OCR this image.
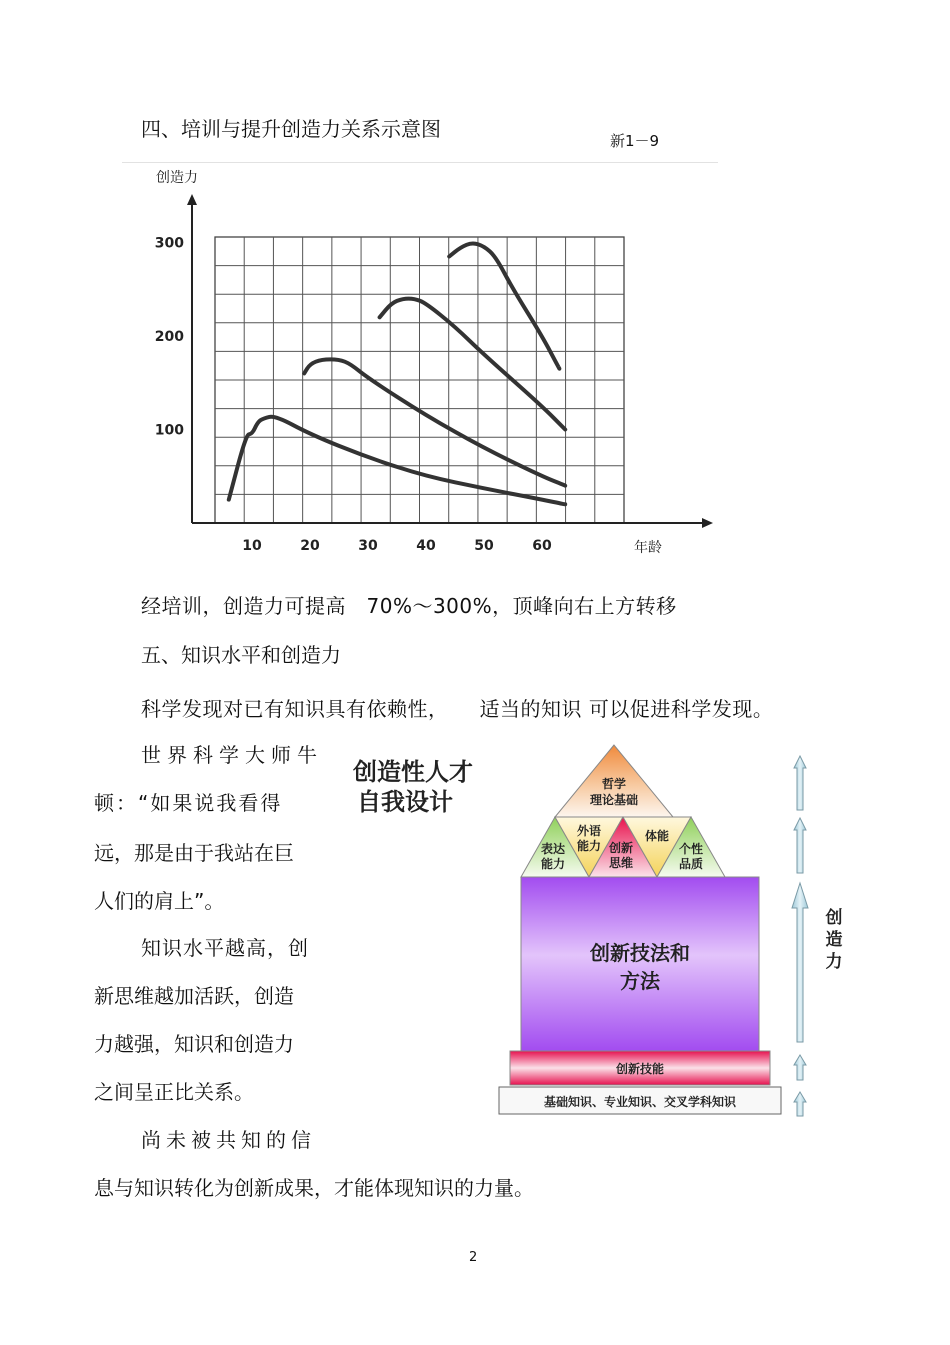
四、培训与提升创造力关系示意图	新1－9
创造力
年龄
100
200
300
10	20	30	40	50	60
经培训，创造力可提高　70%～300%，顶峰向右上方转移
五、知识水平和创造力
科学发现对已有知识具有依赖性，　　适当的知识 可以促进科学发现。
世界科学大师牛
顿：“如果说我看得
远，那是由于我站在巨
人们的肩上”。
知识水平越高，创
新思维越加活跃，创造
力越强，知识和创造力
之间呈正比关系。
尚未被共知的信
息与知识转化为创新成果，才能体现知识的力量。
创造性人才
自我设计
哲学
理论基础
表达
能力
外语
能力 创新
思维
体能
个性
品质
创新技法和
方法
创新技能
基础知识、专业知识、交叉学科知识
创
造
力
2
